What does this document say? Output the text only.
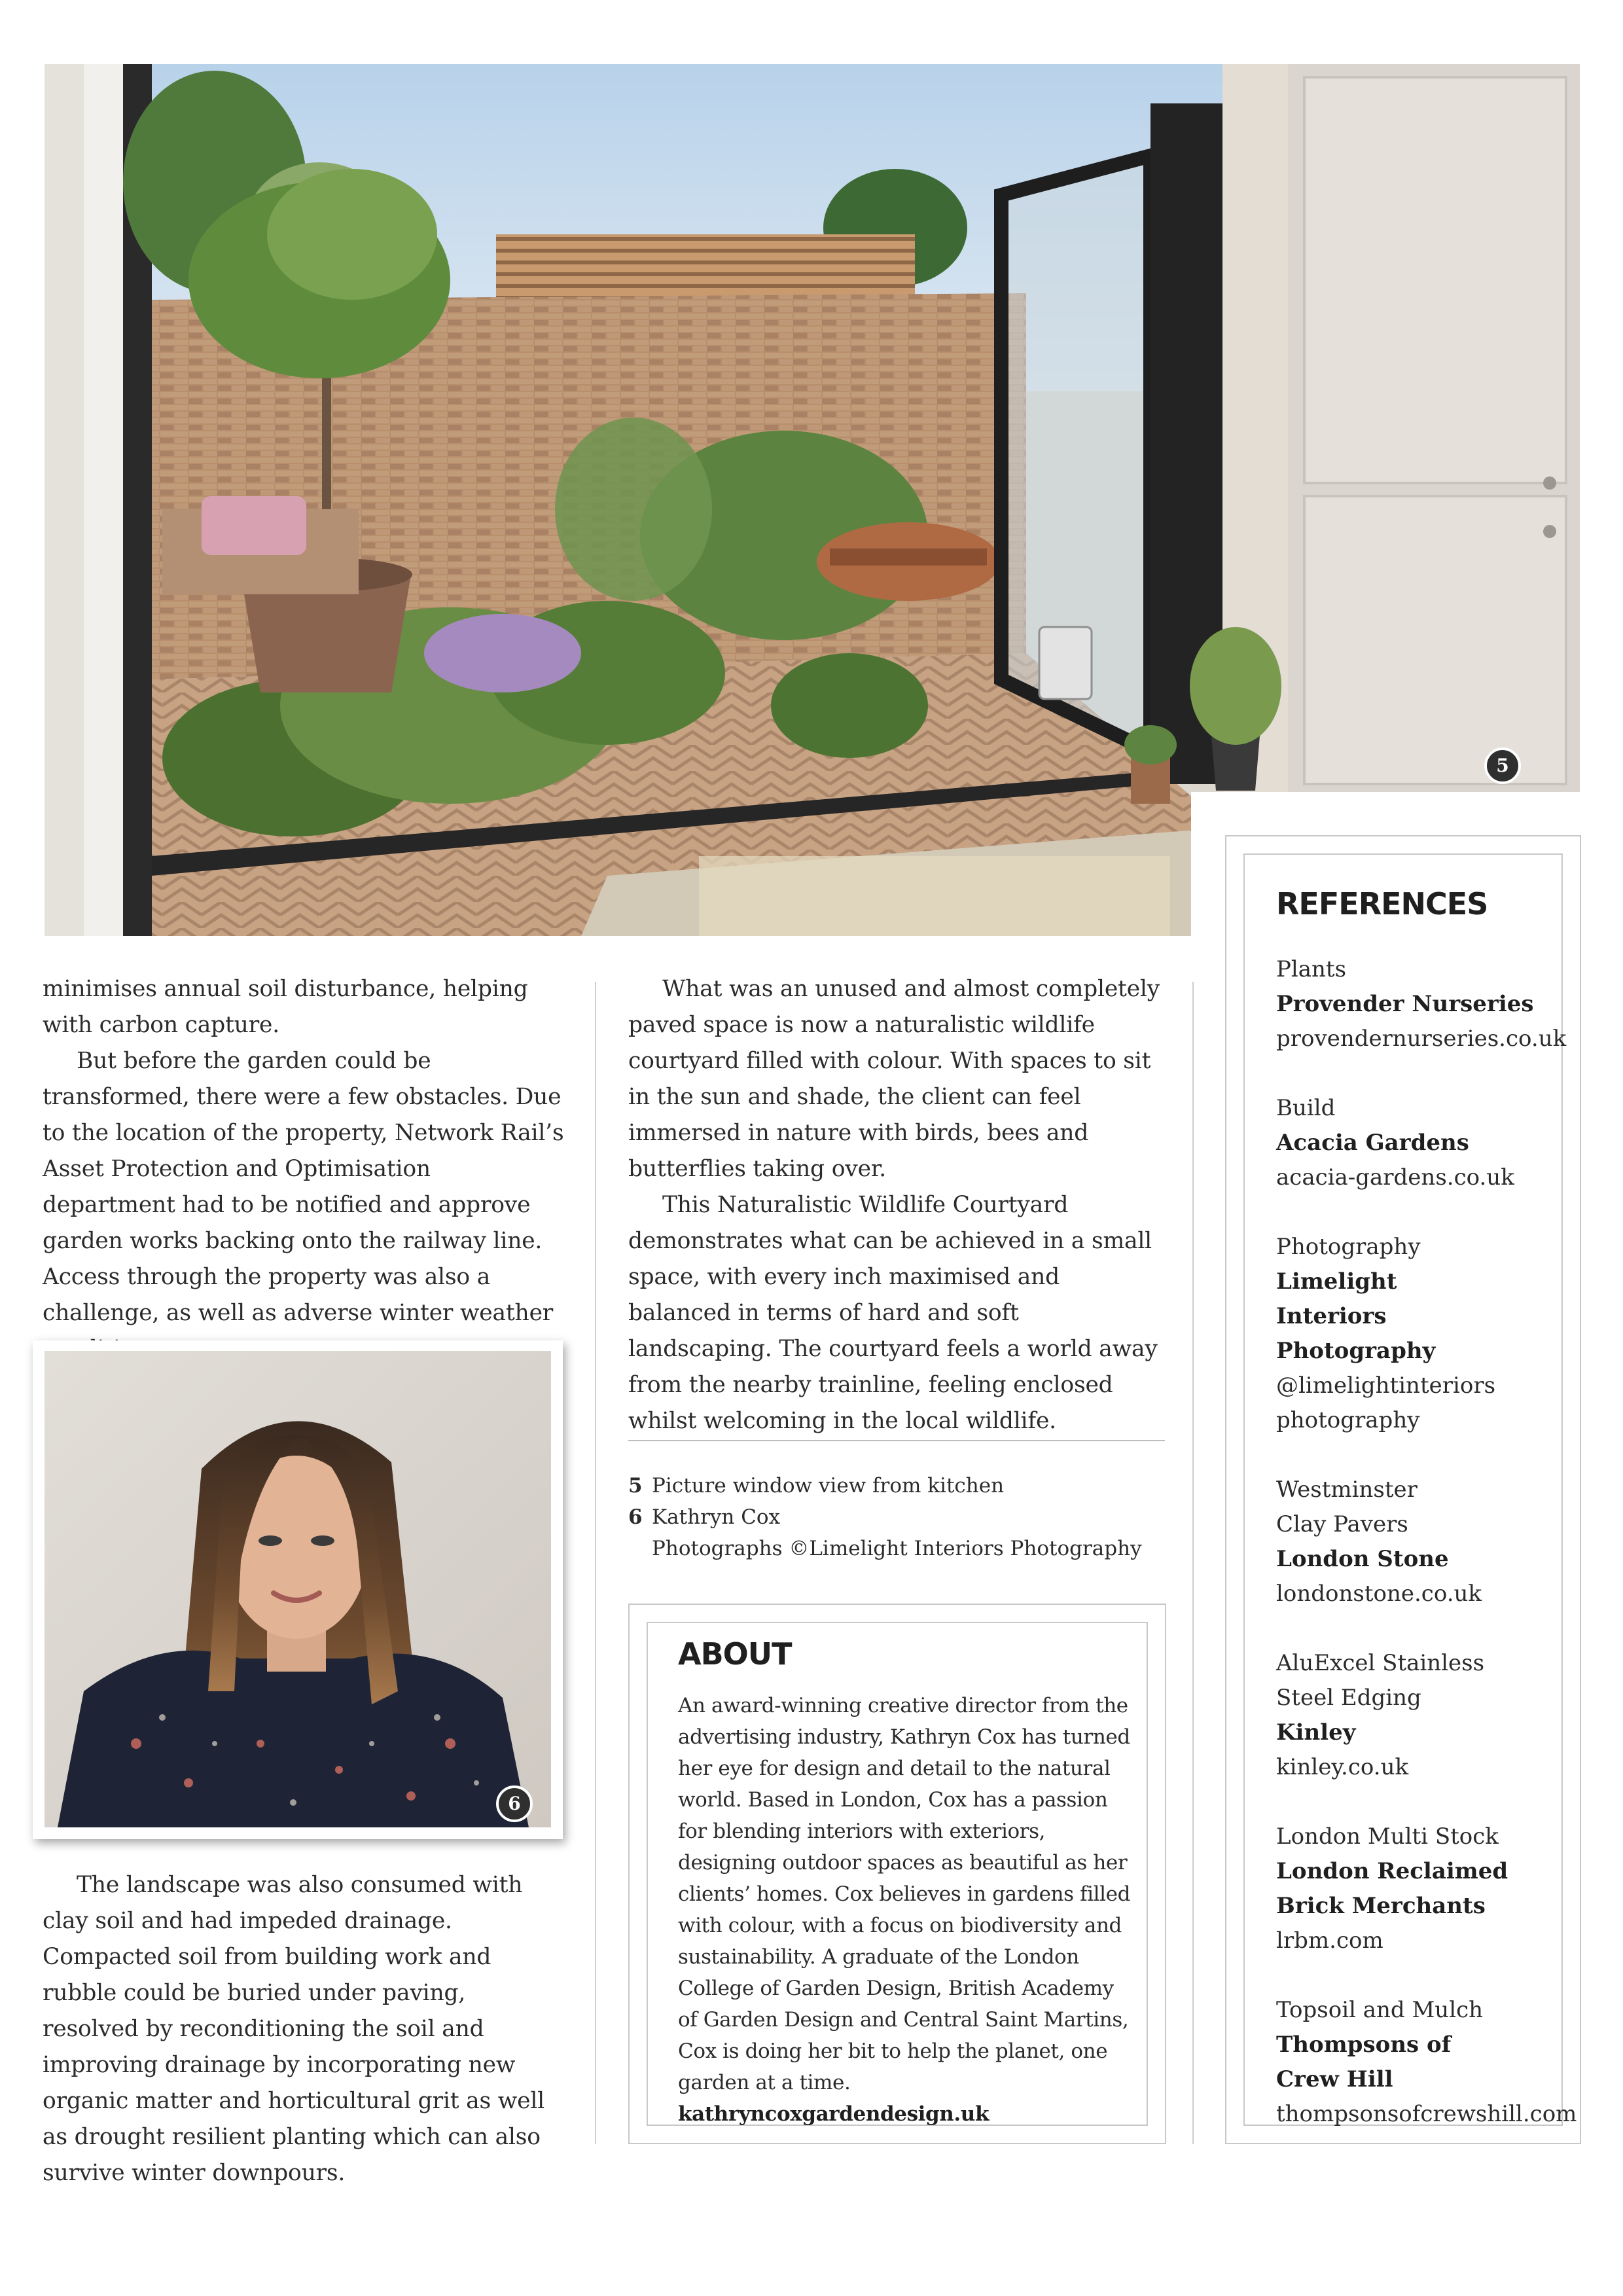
5

minimises annual soil disturbance, helping with carbon capture.

But before the garden could be transformed, there were a few obstacles. Due to the location of the property, Network Rail’s Asset Protection and Optimisation department had to be notified and approve garden works backing onto the railway line. Access through the property was also a challenge, as well as adverse winter weather

6

The landscape was also consumed with clay soil and had impeded drainage. Compacted soil from building work and rubble could be buried under paving, resolved by reconditioning the soil and improving drainage by incorporating new organic matter and horticultural grit as well as drought resilient planting which can also survive winter downpours.

What was an unused and almost completely paved space is now a naturalistic wildlife courtyard filled with colour. With spaces to sit in the sun and shade, the client can feel immersed in nature with birds, bees and butterflies taking over.

This Naturalistic Wildlife Courtyard demonstrates what can be achieved in a small space, with every inch maximised and balanced in terms of hard and soft landscaping. The courtyard feels a world away from the nearby trainline, feeling enclosed whilst welcoming in the local wildlife.

5 Picture window view from kitchen
6 Kathryn Cox
Photographs ©Limelight Interiors Photography
ABOUT
An award-winning creative director from the advertising industry, Kathryn Cox has turned her eye for design and detail to the natural world. Based in London, Cox has a passion for blending interiors with exteriors, designing outdoor spaces as beautiful as her clients’ homes. Cox believes in gardens filled with colour, with a focus on biodiversity and sustainability. A graduate of the London College of Garden Design, British Academy of Garden Design and Central Saint Martins, Cox is doing her bit to help the planet, one garden at a time.
kathryncoxgardendesign.uk
REFERENCES
Plants
Provender Nurseries
provendernurseries.co.uk
Build
Acacia Gardens
acacia-gardens.co.uk
Photography
Limelight Interiors Photography
@limelightinteriors photography
Westminster Clay Pavers
London Stone
londonstone.co.uk
AluExcel Stainless Steel Edging
Kinley
kinley.co.uk
London Multi Stock
London Reclaimed Brick Merchants
lrbm.com
Topsoil and Mulch
Thompsons of Crew Hill
thompsonsofcrewshill.com
